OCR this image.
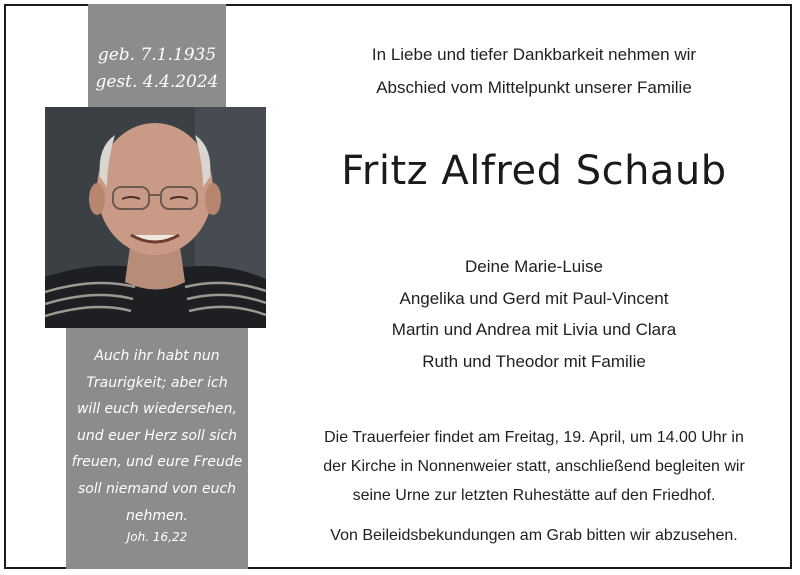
geb. 7.1.1935
gest. 4.4.2024
Auch ihr habt nun
Traurigkeit; aber ich
will euch wiedersehen,
und euer Herz soll sich
freuen, und eure Freude
soll niemand von euch
nehmen.
Joh. 16,22
In Liebe und tiefer Dankbarkeit nehmen wir
Abschied vom Mittelpunkt unserer Familie
Fritz Alfred Schaub
Deine Marie-Luise
Angelika und Gerd mit Paul-Vincent
Martin und Andrea mit Livia und Clara
Ruth und Theodor mit Familie
Die Trauerfeier findet am Freitag, 19. April, um 14.00 Uhr in
der Kirche in Nonnenweier statt, anschließend begleiten wir
seine Urne zur letzten Ruhestätte auf den Friedhof.
Von Beileidsbekundungen am Grab bitten wir abzusehen.
